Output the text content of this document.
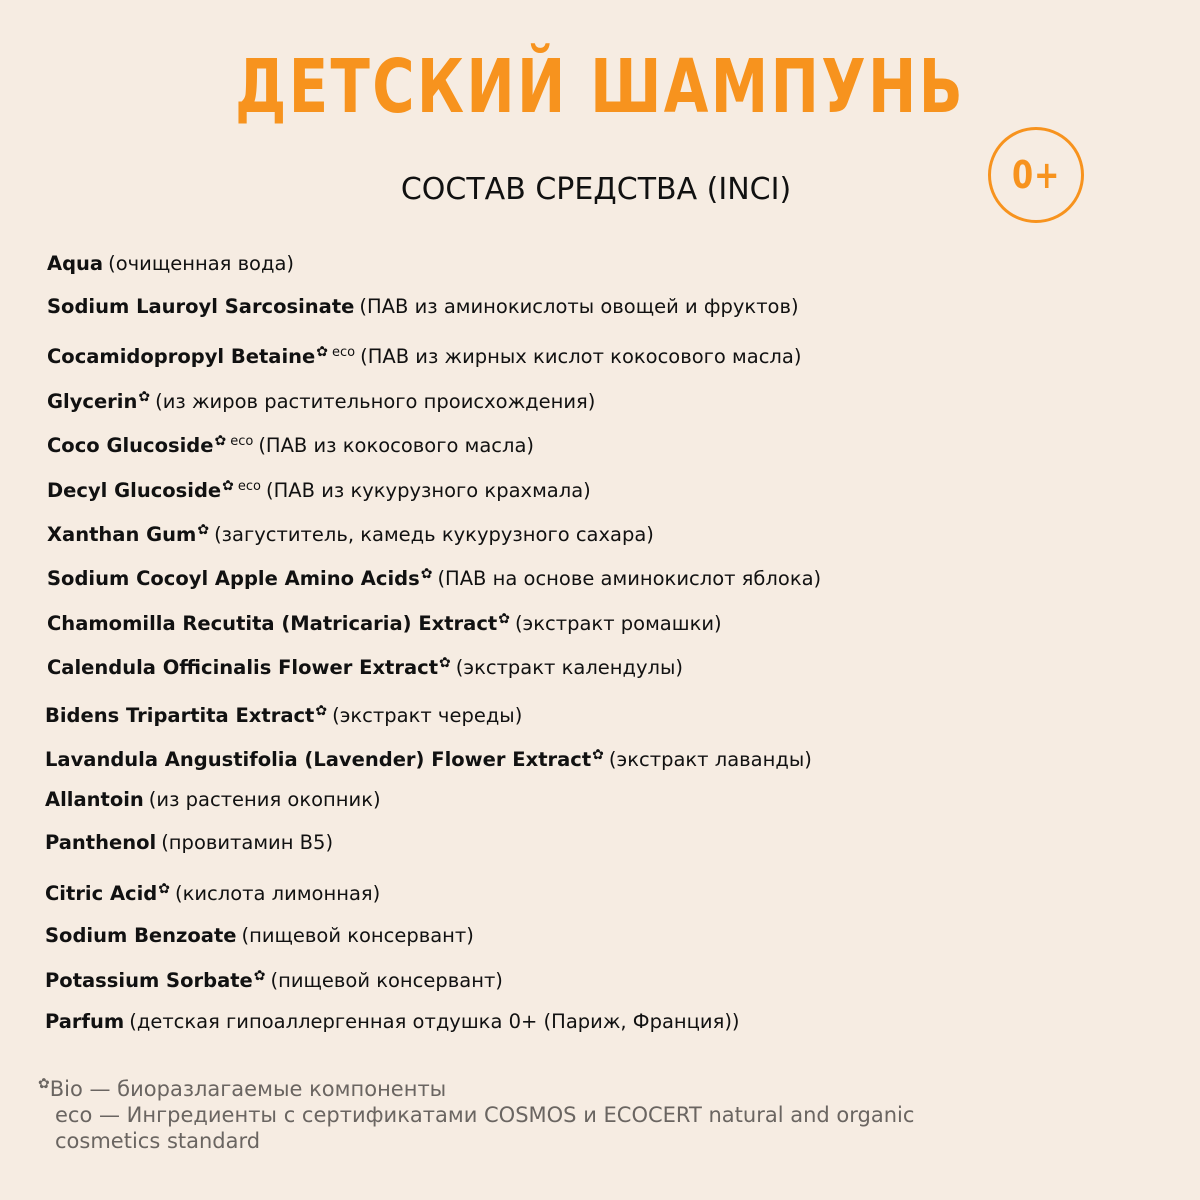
ДЕТСКИЙ ШАМПУНЬ
СОСТАВ СРЕДСТВА (INCI)	0+
Aqua (очищенная вода)
Sodium Lauroyl Sarcosinate (ПАВ из аминокислоты овощей и фруктов)
Cocamidopropyl Betaine✿ $^{eco}$ (ПАВ из жирных кислот кокосового масла)
Glycerin✿ (из жиров растительного происхождения)
Coco Glucoside✿ $^{eco}$ (ПАВ из кокосового масла)
Decyl Glucoside✿ $^{eco}$ (ПАВ из кукурузного крахмала)
Xanthan Gum✿ (загуститель, камедь кукурузного сахара)
Sodium Cocoyl Apple Amino Acids✿ (ПАВ на основе аминокислот яблока)
Chamomilla Recutita (Matricaria) Extract✿ (экстракт ромашки)
Calendula Officinalis Flower Extract✿ (экстракт календулы)
Bidens Tripartita Extract✿ (экстракт череды)
Lavandula Angustifolia (Lavender) Flower Extract✿ (экстракт лаванды)
Allantoin (из растения окопник)
Panthenol (провитамин B5)
Citric Acid✿ (кислота лимонная)
Sodium Benzoate (пищевой консервант)
Potassium Sorbate✿ (пищевой консервант)
Parfum (детская гипоаллергенная отдушка 0+ (Париж, Франция))
✿Bio — биоразлагаемые компоненты
eco — Ингредиенты с сертификатами COSMOS и ECOCERT natural and organic
cosmetics standard
